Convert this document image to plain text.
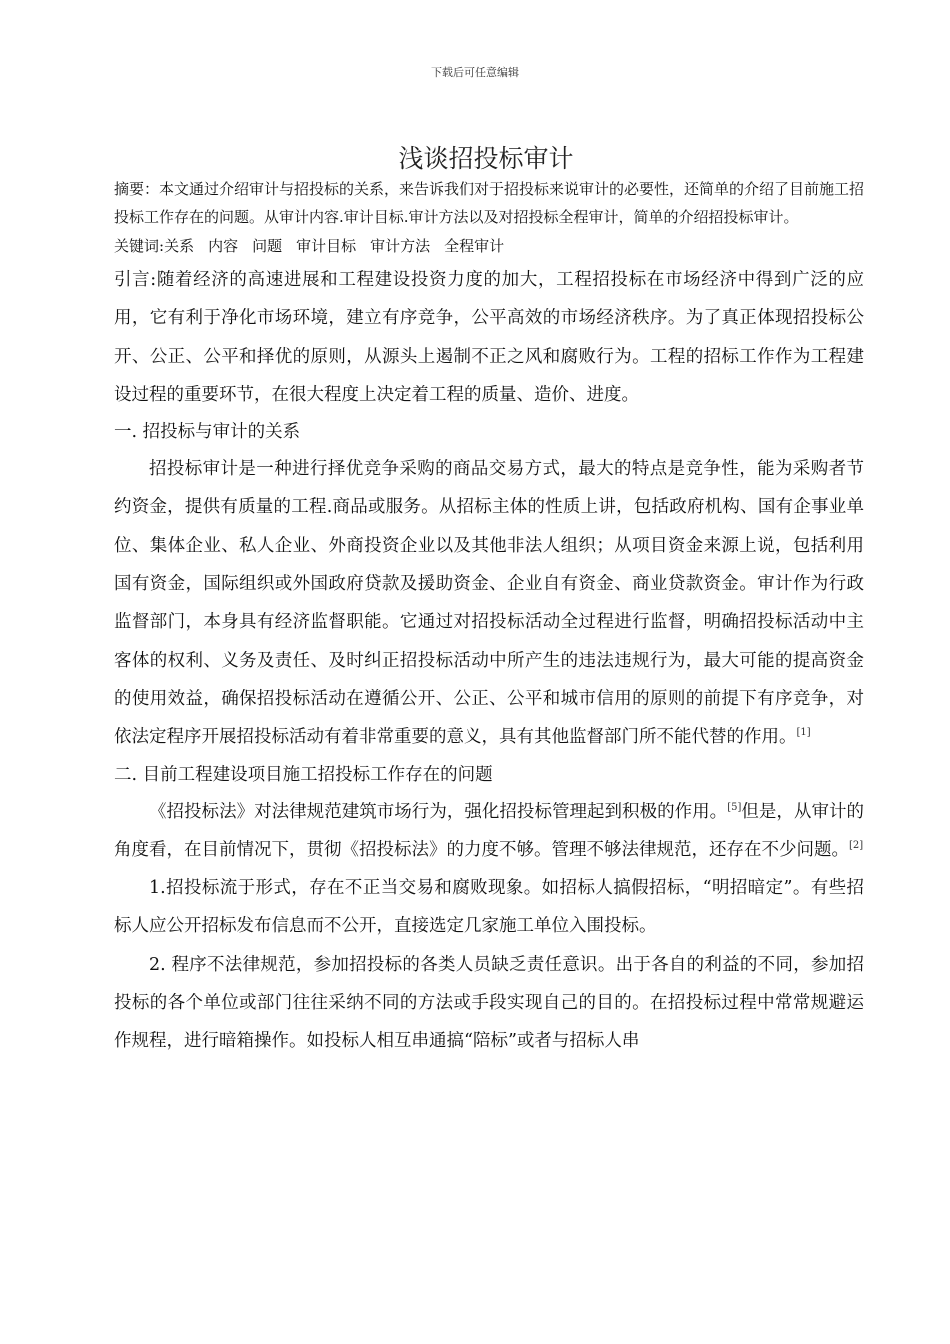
下载后可任意编辑
浅谈招投标审计

摘要：本文通过介绍审计与招投标的关系，来告诉我们对于招投标来说审计的必要性，还简单的介绍了目前施工招投标工作存在的问题。从审计内容.审计目标.审计方法以及对招投标全程审计，简单的介绍招投标审计。

关键词:关系 内容 问题 审计目标 审计方法 全程审计

引言:随着经济的高速进展和工程建设投资力度的加大，工程招投标在市场经济中得到广泛的应用，它有利于净化市场环境，建立有序竞争，公平高效的市场经济秩序。为了真正体现招投标公开、公正、公平和择优的原则，从源头上遏制不正之风和腐败行为。工程的招标工作作为工程建设过程的重要环节，在很大程度上决定着工程的质量、造价、进度。

一. 招投标与审计的关系

招投标审计是一种进行择优竞争采购的商品交易方式，最大的特点是竞争性，能为采购者节约资金，提供有质量的工程.商品或服务。从招标主体的性质上讲，包括政府机构、国有企事业单位、集体企业、私人企业、外商投资企业以及其他非法人组织；从项目资金来源上说，包括利用国有资金，国际组织或外国政府贷款及援助资金、企业自有资金、商业贷款资金。审计作为行政监督部门，本身具有经济监督职能。它通过对招投标活动全过程进行监督，明确招投标活动中主客体的权利、义务及责任、及时纠正招投标活动中所产生的违法违规行为，最大可能的提高资金的使用效益，确保招投标活动在遵循公开、公正、公平和城市信用的原则的前提下有序竞争，对依法定程序开展招投标活动有着非常重要的意义，具有其他监督部门所不能代替的作用。[1]

二. 目前工程建设项目施工招投标工作存在的问题

《招投标法》对法律规范建筑市场行为，强化招投标管理起到积极的作用。[5]但是，从审计的角度看，在目前情况下，贯彻《招投标法》的力度不够。管理不够法律规范，还存在不少问题。[2]

1.招投标流于形式，存在不正当交易和腐败现象。如招标人搞假招标，“明招暗定”。有些招标人应公开招标发布信息而不公开，直接选定几家施工单位入围投标。

2. 程序不法律规范，参加招投标的各类人员缺乏责任意识。出于各自的利益的不同，参加招投标的各个单位或部门往往采纳不同的方法或手段实现自己的目的。在招投标过程中常常规避运作规程，进行暗箱操作。如投标人相互串通搞“陪标”或者与招标人串
